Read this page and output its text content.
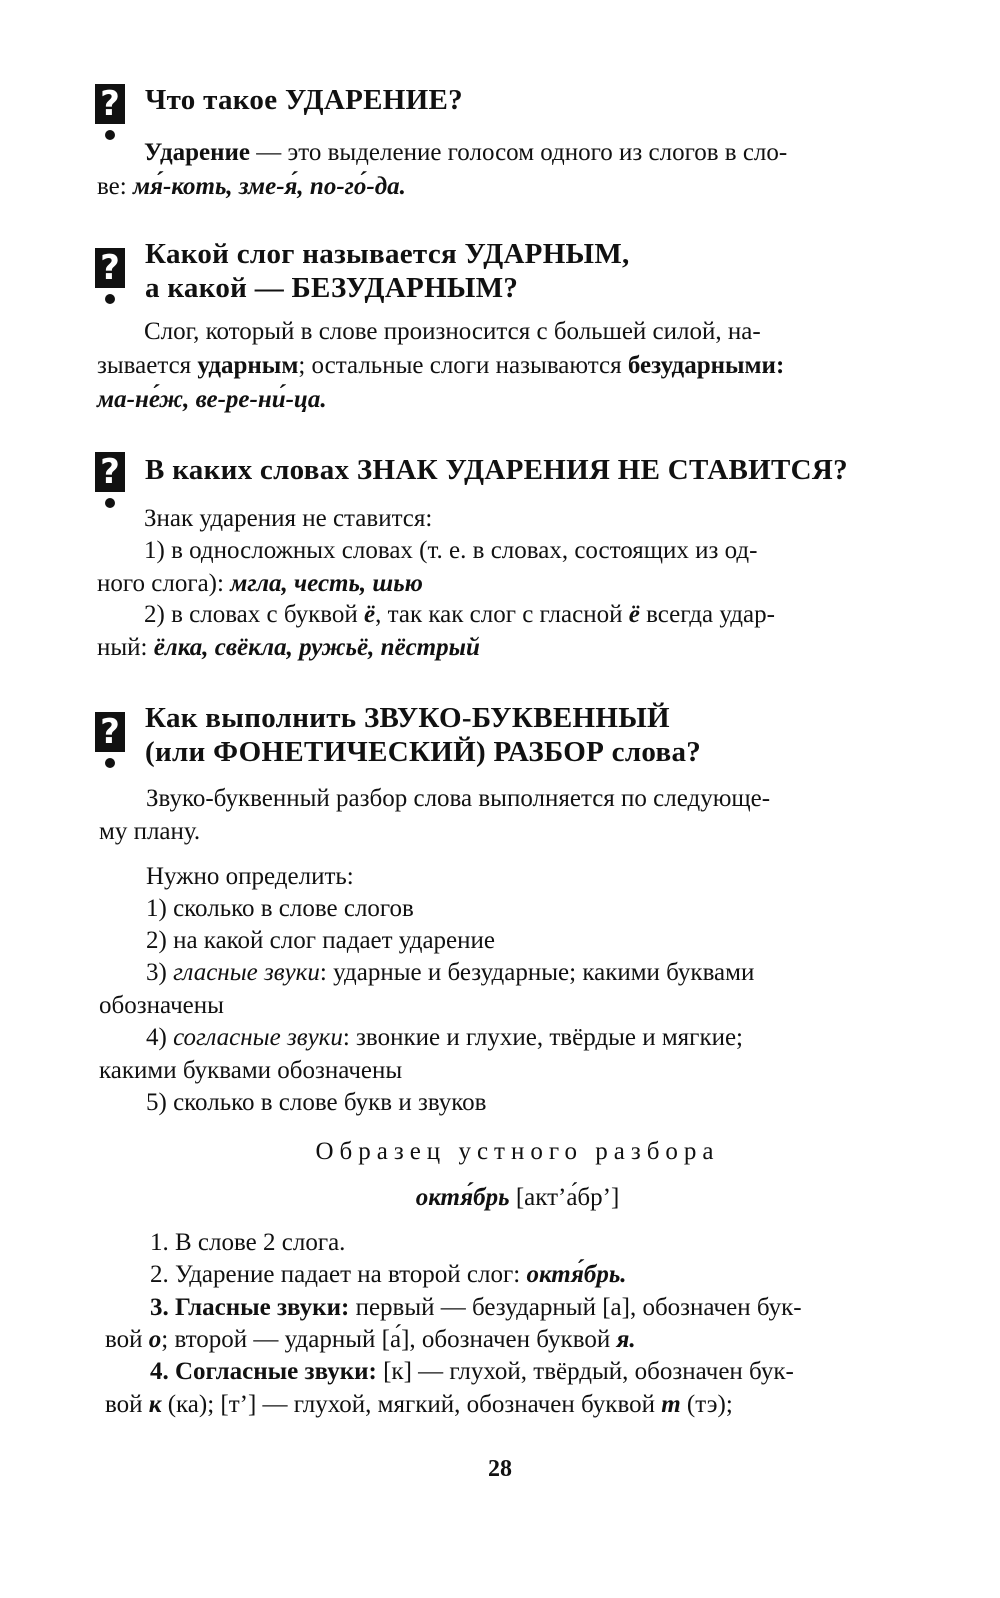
? Что такое УДАРЕНИЕ?
Ударение — это выделение голосом одного из слогов в сло-
ве: мя́-коть, зме-я́, по-го́-да.
? Какой слог называется УДАРНЫМ,
а какой — БЕЗУДАРНЫМ?
Слог, который в слове произносится с большей силой, на-
зывается ударным; остальные слоги называются безударными:
ма-не́ж, ве-ре-ни́-ца.
? В каких словах ЗНАК УДАРЕНИЯ НЕ СТАВИТСЯ?
Знак ударения не ставится:
1) в односложных словах (т. е. в словах, состоящих из од-
ного слога): мгла, честь, шью
2) в словах с буквой ё, так как слог с гласной ё всегда удар-
ный: ёлка, свёкла, ружьё, пёстрый
? Как выполнить ЗВУКО-БУКВЕННЫЙ
(или ФОНЕТИЧЕСКИЙ) РАЗБОР слова?
Звуко-буквенный разбор слова выполняется по следующе-
му плану.
Нужно определить:
1) сколько в слове слогов
2) на какой слог падает ударение
3) гласные звуки: ударные и безударные; какими буквами
обозначены
4) согласные звуки: звонкие и глухие, твёрдые и мягкие;
какими буквами обозначены
5) сколько в слове букв и звуков
Образец устного разбора
октя́брь [акт’а́бр’]
1. В слове 2 слога.
2. Ударение падает на второй слог: октя́брь.
3. Гласные звуки: первый — безударный [а], обозначен бук-
вой о; второй — ударный [а́], обозначен буквой я.
4. Согласные звуки: [к] — глухой, твёрдый, обозначен бук-
вой к (ка); [т’] — глухой, мягкий, обозначен буквой т (тэ);
28
